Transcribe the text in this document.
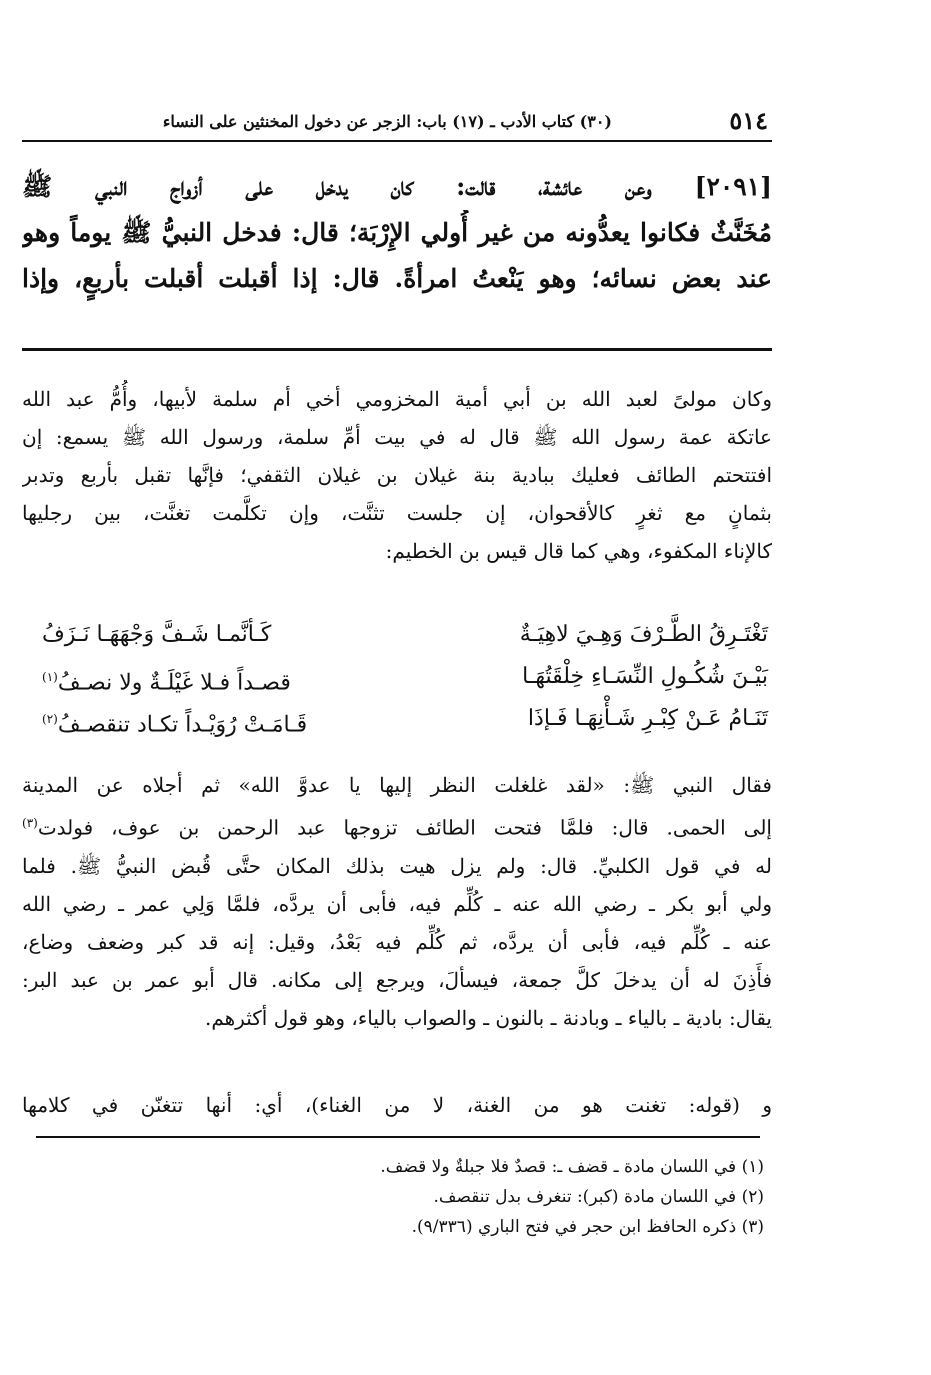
٥١٤
(٣٠) كتاب الأدب ـ (١٧) باب: الزجر عن دخول المخنثين على النساء
[٢٠٩١] وعن عائشة، قالت: كان يدخل على أزواج النبي ﷺ
مُخَنَّثٌ فكانوا يعدُّونه من غير أُولي الإِرْبَة؛ قال: فدخل النبيُّ ﷺ يوماً وهو
عند بعض نسائه؛ وهو يَنْعتُ امرأةً. قال: إذا أقبلت أقبلت بأربعٍ، وإذا
وكان مولىً لعبد الله بن أبي أمية المخزومي أخي أم سلمة لأبيها، وأُمُّ عبد الله
عاتكة عمة رسول الله ﷺ قال له في بيت أمِّ سلمة، ورسول الله ﷺ يسمع: إن
افتتحتم الطائف فعليك ببادية بنة غيلان بن غيلان الثقفي؛ فإنَّها تقبل بأربع وتدبر
بثمانٍ مع ثغرٍ كالأقحوان، إن جلست تثنَّت، وإن تكلَّمت تغنَّت، بين رجليها
كالإناء المكفوء، وهي كما قال قيس بن الخطيم:
تَغْتَـرِقُ الطَّـرْفَ وَهِـيَ لاهِيَـةٌ
كَـأنَّمـا شَـفَّ وَجْهَهَـا نَـزَفُ
بَيْـنَ شُكُـولِ النِّسَـاءِ خِلْقَتُهَـا
قصـداً فـلا غَيْلَـةٌ ولا نصـفُ$^{(١)}$
تَنَـامُ عَـنْ كِبْـرِ شَـأْنِهَـا فَـإذَا
قَـامَـتْ رُوَيْـداً تكـاد تنقصـفُ$^{(٢)}$
فقال النبي ﷺ: «لقد غلغلت النظر إليها يا عدوَّ الله» ثم أجلاه عن المدينة
إلى الحمى. قال: فلمَّا فتحت الطائف تزوجها عبد الرحمن بن عوف، فولدت$^{(٣)}$
له في قول الكلبيِّ. قال: ولم يزل هيت بذلك المكان حتَّى قُبض النبيُّ ﷺ. فلما
ولي أبو بكر ـ رضي الله عنه ـ كُلِّم فيه، فأبى أن يردَّه، فلمَّا وَلِي عمر ـ رضي الله
عنه ـ كُلِّم فيه، فأبى أن يردَّه، ثم كُلِّم فيه بَعْدُ، وقيل: إنه قد كبر وضعف وضاع،
فأَذِنَ له أن يدخلَ كلَّ جمعة، فيسألَ، ويرجع إلى مكانه. قال أبو عمر بن عبد البر:
يقال: بادية ـ بالياء ـ وبادنة ـ بالنون ـ والصواب بالياء، وهو قول أكثرهم.
و (قوله: تغنت هو من الغنة، لا من الغناء)، أي: أنها تتغنّن في كلامها
(١) في اللسان مادة ـ قضف ـ: قصدٌ فلا جبلةٌ ولا قضف.
(٢) في اللسان مادة (كبر): تنغرف بدل تنقصف.
(٣) ذكره الحافظ ابن حجر في فتح الباري (٩/٣٣٦).
